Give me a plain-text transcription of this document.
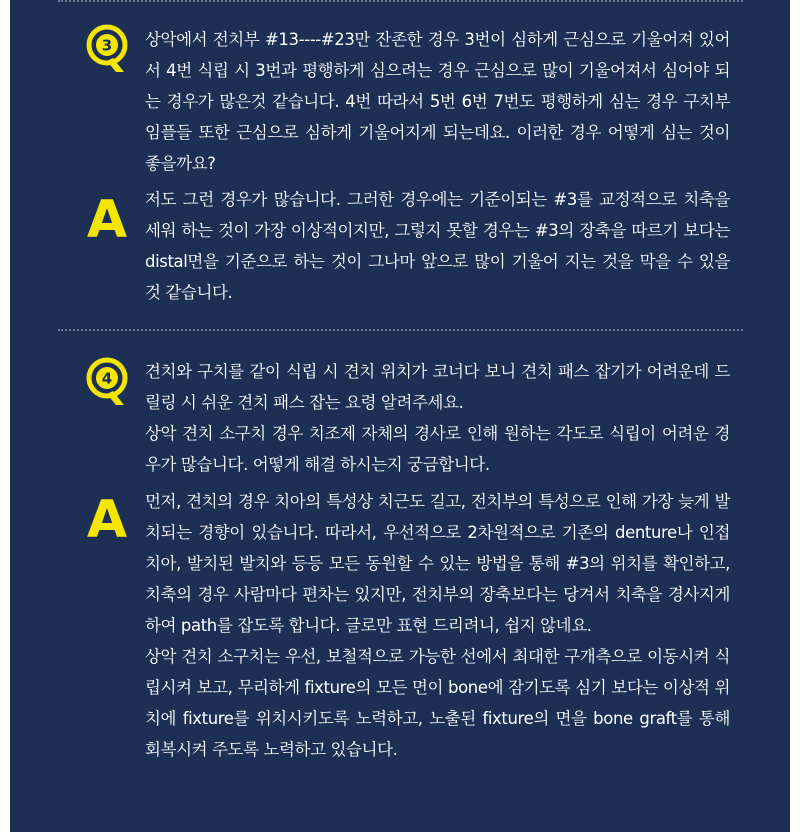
3 상악에서 전치부 #13----#23만 잔존한 경우 3번이 심하게 근심으로 기울어져 있어서 4번 식립 시 3번과 평행하게 심으려는 경우 근심으로 많이 기울어져서 심어야 되는 경우가 많은것 같습니다. 4번 따라서 5번 6번 7번도 평행하게 심는 경우 구치부 임플들 또한 근심으로 심하게 기울어지게 되는데요. 이러한 경우 어떻게 심는 것이 좋을까요?

A 저도 그런 경우가 많습니다. 그러한 경우에는 기준이되는 #3를 교정적으로 치축을 세워 하는 것이 가장 이상적이지만, 그렇지 못할 경우는 #3의 장축을 따르기 보다는 distal면을 기준으로 하는 것이 그나마 앞으로 많이 기울어 지는 것을 막을 수 있을 것 같습니다.

4 견치와 구치를 같이 식립 시 견치 위치가 코너다 보니 견치 패스 잡기가 어려운데 드릴링 시 쉬운 견치 패스 잡는 요령 알려주세요.

상악 견치 소구치 경우 치조제 자체의 경사로 인해 원하는 각도로 식립이 어려운 경우가 많습니다. 어떻게 해결 하시는지 궁금합니다.

A 먼저, 견치의 경우 치아의 특성상 치근도 길고, 전치부의 특성으로 인해 가장 늦게 발치되는 경향이 있습니다. 따라서, 우선적으로 2차원적으로 기존의 denture나 인접치아, 발치된 발치와 등등 모든 동원할 수 있는 방법을 통해 #3의 위치를 확인하고, 치축의 경우 사람마다 편차는 있지만, 전치부의 장축보다는 당겨서 치축을 경사지게 하여 path를 잡도록 합니다. 글로만 표현 드리려니, 쉽지 않네요.

상악 견치 소구치는 우선, 보철적으로 가능한 선에서 최대한 구개측으로 이동시켜 식립시켜 보고, 무리하게 fixture의 모든 면이 bone에 잠기도록 심기 보다는 이상적 위치에 fixture를 위치시키도록 노력하고, 노출된 fixture의 면을 bone graft를 통해 회복시켜 주도록 노력하고 있습니다.
